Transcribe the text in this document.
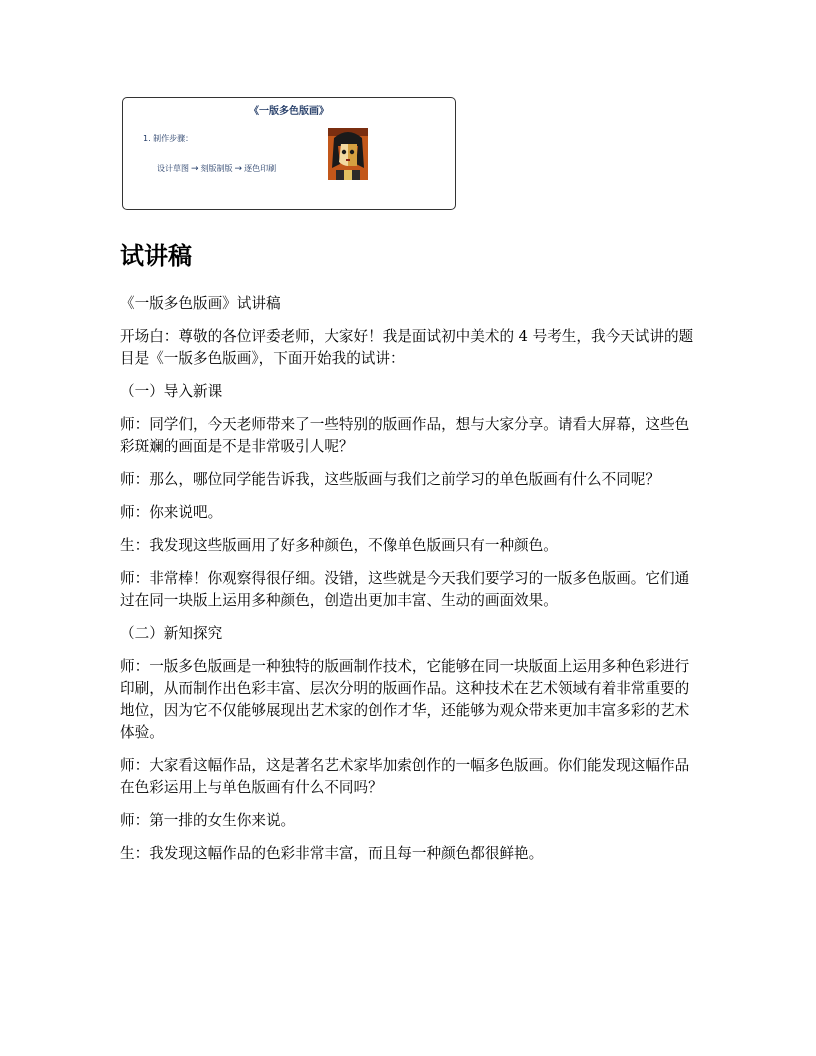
《一版多色版画》
1. 制作步骤：
设计草图 → 刻版制版 → 逐色印刷
试讲稿

《一版多色版画》试讲稿

开场白：尊敬的各位评委老师，大家好！我是面试初中美术的 4 号考生，我今天试讲的题目是《一版多色版画》，下面开始我的试讲：

（一）导入新课

师：同学们，今天老师带来了一些特别的版画作品，想与大家分享。请看大屏幕，这些色彩斑斓的画面是不是非常吸引人呢？

师：那么，哪位同学能告诉我，这些版画与我们之前学习的单色版画有什么不同呢？

师：你来说吧。

生：我发现这些版画用了好多种颜色，不像单色版画只有一种颜色。

师：非常棒！你观察得很仔细。没错，这些就是今天我们要学习的一版多色版画。它们通过在同一块版上运用多种颜色，创造出更加丰富、生动的画面效果。

（二）新知探究

师：一版多色版画是一种独特的版画制作技术，它能够在同一块版面上运用多种色彩进行印刷，从而制作出色彩丰富、层次分明的版画作品。这种技术在艺术领域有着非常重要的地位，因为它不仅能够展现出艺术家的创作才华，还能够为观众带来更加丰富多彩的艺术体验。

师：大家看这幅作品，这是著名艺术家毕加索创作的一幅多色版画。你们能发现这幅作品在色彩运用上与单色版画有什么不同吗？

师：第一排的女生你来说。

生：我发现这幅作品的色彩非常丰富，而且每一种颜色都很鲜艳。
